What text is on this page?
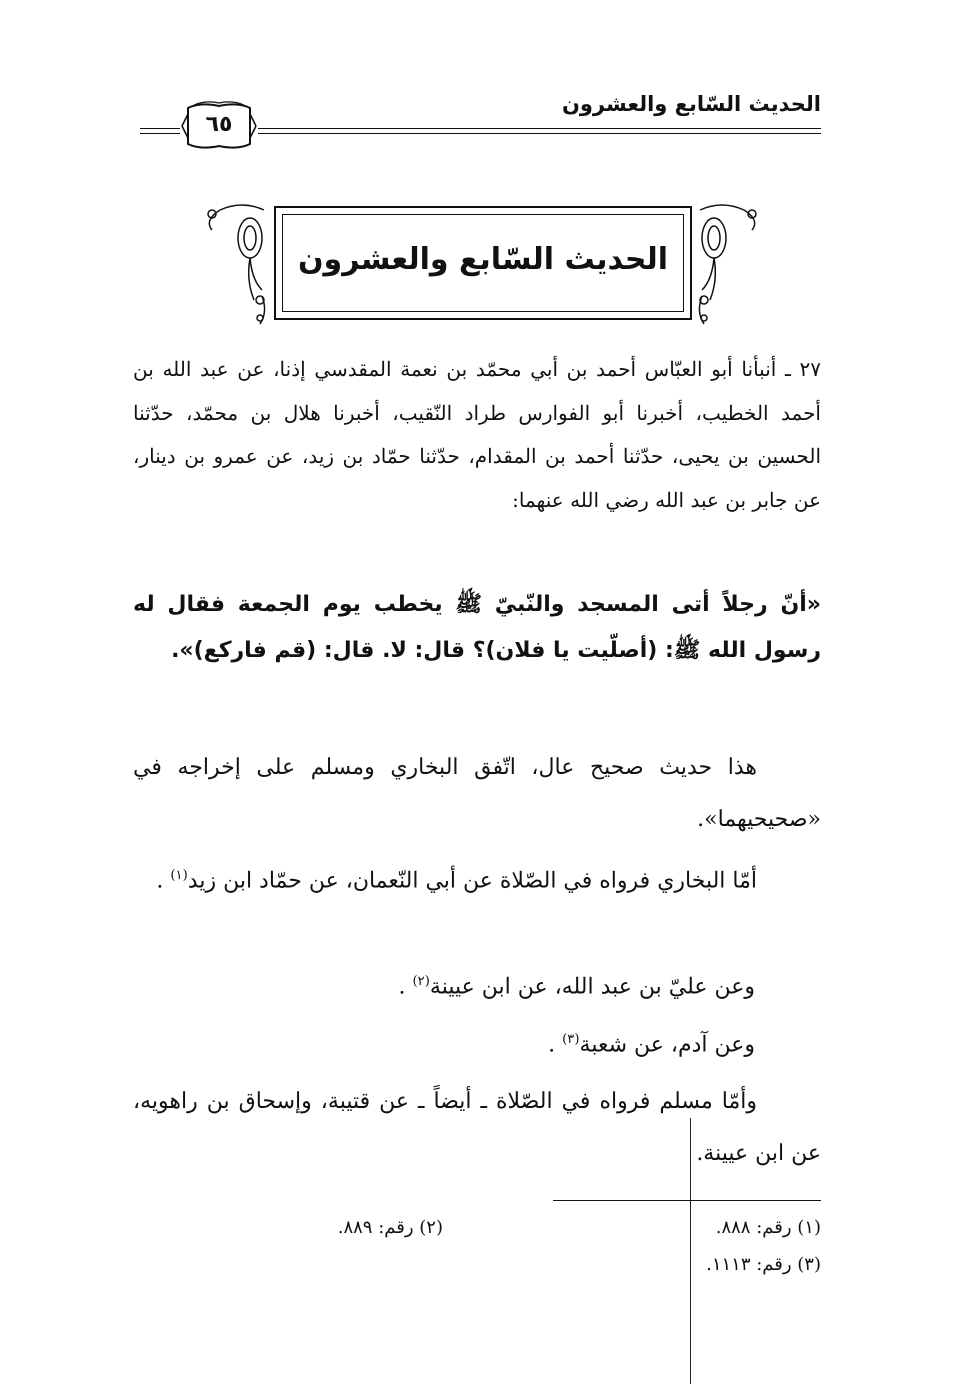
الحديث السّابع والعشرون
٦٥
الحديث السّابع والعشرون
٢٧ ـ أنبأنا أبو العبّاس أحمد بن أبي محمّد بن نعمة المقدسي إذنا، عن عبد الله بن أحمد الخطيب، أخبرنا أبو الفوارس طراد النّقيب، أخبرنا هلال بن محمّد، حدّثنا الحسين بن يحيى، حدّثنا أحمد بن المقدام، حدّثنا حمّاد بن زيد، عن عمرو بن دينار، عن جابر بن عبد الله رضي الله عنهما:
«أنّ رجلاً أتى المسجد والنّبيّ ﷺ يخطب يوم الجمعة فقال له رسول الله ﷺ: (أصلّيت يا فلان)؟ قال: لا. قال: (قم فاركع)».
هذا حديث صحيح عال، اتّفق البخاري ومسلم على إخراجه في «صحيحيهما».
أمّا البخاري فرواه في الصّلاة عن أبي النّعمان، عن حمّاد ابن زيد$^{(١)}$ .
وعن عليّ بن عبد الله، عن ابن عيينة$^{(٢)}$ .
وعن آدم، عن شعبة$^{(٣)}$ .
وأمّا مسلم فرواه في الصّلاة ـ أيضاً ـ عن قتيبة، وإسحاق بن راهويه، عن ابن عيينة.
(١) رقم: ٨٨٨.
(٢) رقم: ٨٨٩.
(٣) رقم: ١١١٣.
